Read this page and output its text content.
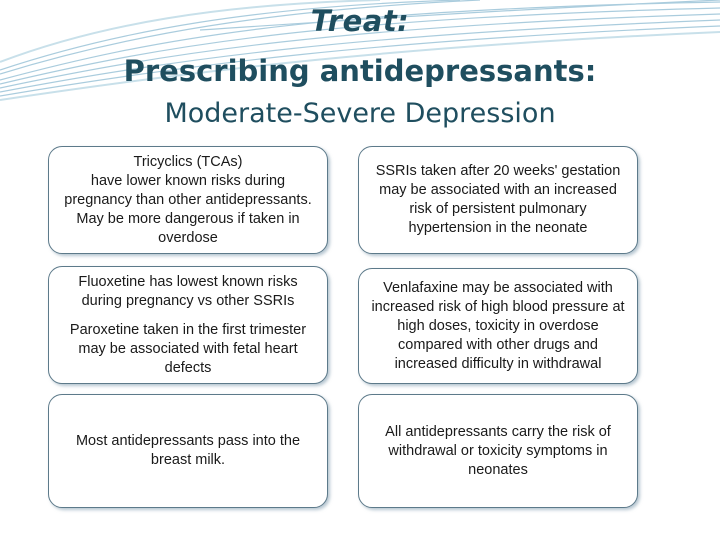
Treat:
Prescribing antidepressants:
Moderate-Severe Depression

Tricyclics (TCAs)
have lower known risks during pregnancy than other antidepressants. May be more dangerous if taken in overdose

SSRIs taken after 20 weeks' gestation may be associated with an increased risk of persistent pulmonary hypertension in the neonate

Fluoxetine has lowest known risks during pregnancy vs other SSRIs

Paroxetine taken in the first trimester may be associated with fetal heart defects

Venlafaxine may be associated with increased risk of high blood pressure at high doses, toxicity in overdose compared with other drugs and increased difficulty in withdrawal

Most antidepressants pass into the breast milk.

All antidepressants carry the risk of withdrawal or toxicity symptoms in neonates
